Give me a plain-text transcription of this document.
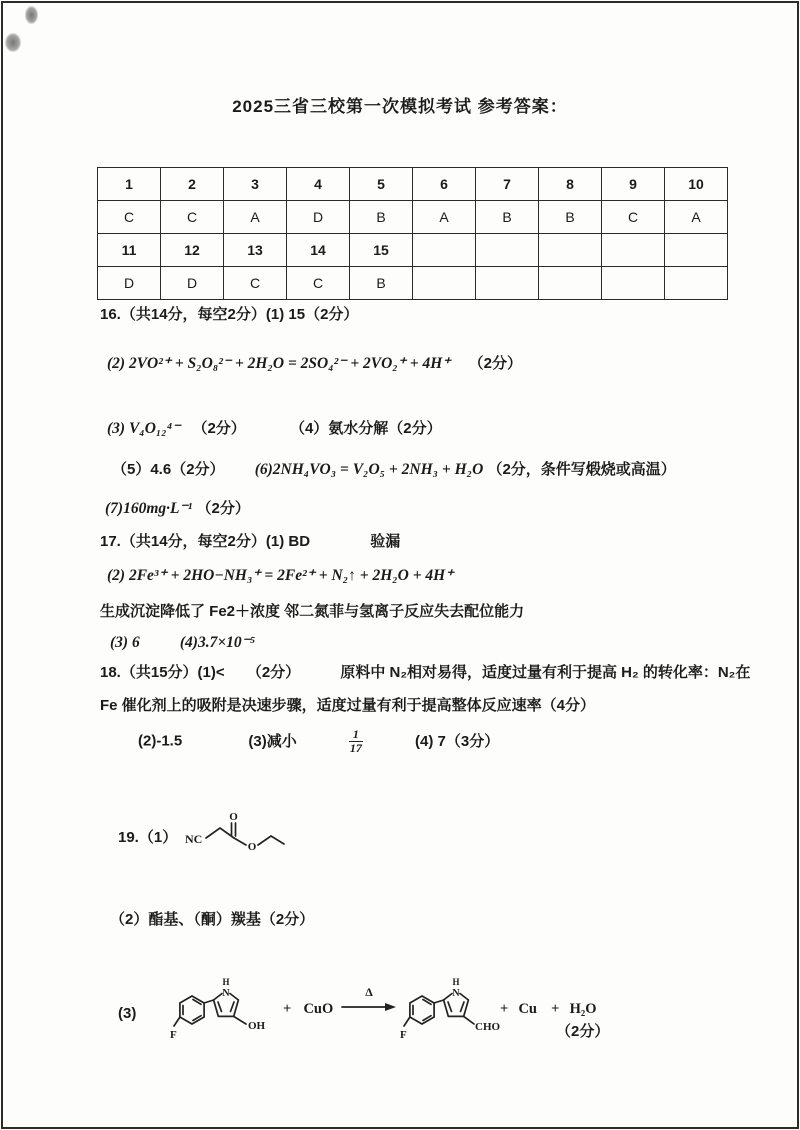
2025三省三校第一次模拟考试 参考答案：
1	2	3	4	5	6	7	8	9	10
C	C	A	D	B	A	B	B	C	A
11	12	13	14	15					
D	D	C	C	B					
16.（共14分，每空2分）(1) 15（2分）
(2) 2VO²⁺ + S₂O₈²⁻ + 2H₂O = 2SO₄²⁻ + 2VO₂⁺ + 4H⁺ （2分）
(3) V₄O₁₂⁴⁻ （2分）	（4）氨水分解（2分）
（5）4.6（2分） (6)2NH₄VO₃ = V₂O₅ + 2NH₃ + H₂O （2分，条件写煅烧或高温）
(7)160mg·L⁻¹ （2分）
17.（共14分，每空2分）(1) BD	验漏
(2) 2Fe³⁺ + 2HO−NH₃⁺ = 2Fe²⁺ + N₂↑ + 2H₂O + 4H⁺
生成沉淀降低了 Fe2＋浓度 邻二氮菲与氢离子反应失去配位能力
(3) 6	(4)3.7×10⁻⁵
18.（共15分）(1)< （2分）	原料中 N₂相对易得，适度过量有利于提高 H₂ 的转化率：N₂在
Fe 催化剂上的吸附是决速步骤，适度过量有利于提高整体反应速率（4分）
(2)-1.5	(3)减小	$\frac{1}{17}$	(4) 7（3分）
19.（1） NC
O
O
（2）酯基、（酮）羰基（2分）
(3)
F
H
N
OH
+ CuO
Δ
F
H
N
CHO
+ Cu + H₂O
（2分）
